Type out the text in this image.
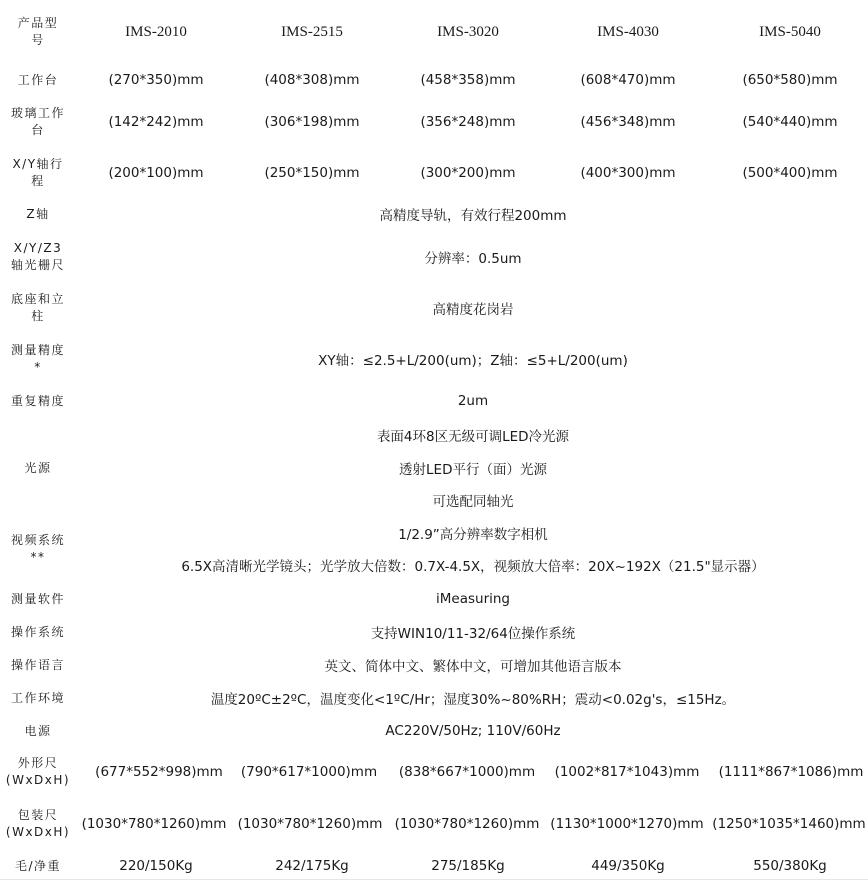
产品型
号
IMS-2010	IMS-2515	IMS-3020	IMS-4030	IMS-5040
工作台	(270*350)mm	(408*308)mm	(458*358)mm	(608*470)mm	(650*580)mm
玻璃工作
台	(142*242)mm	(306*198)mm	(356*248)mm	(456*348)mm	(540*440)mm
X/Y轴行
程	(200*100)mm	(250*150)mm	(300*200)mm	(400*300)mm	(500*400)mm
Z轴	高精度导轨，有效行程200mm
X/Y/Z3
轴光栅尺	分辨率：0.5um
底座和立
柱	高精度花岗岩
测量精度
*	XY轴：≤2.5+L/200(um)；Z轴：≤5+L/200(um)
重复精度	2um
光源
表面4环8区无级可调LED冷光源
透射LED平行（面）光源
可选配同轴光
视频系统
**
1/2.9”高分辨率数字相机
6.5X高清晰光学镜头；光学放大倍数：0.7X-4.5X，视频放大倍率：20X~192X（21.5"显示器）
测量软件	iMeasuring
操作系统	支持WIN10/11-32/64位操作系统
操作语言	英文、简体中文、繁体中文，可增加其他语言版本
工作环境	温度20ºC±2ºC，温度变化<1ºC/Hr；湿度30%~80%RH；震动<0.02g's，≤15Hz。
电源	AC220V/50Hz; 110V/60Hz
外形尺
(WxDxH)	(677*552*998)mm	(790*617*1000)mm	(838*667*1000)mm	(1002*817*1043)mm	(1111*867*1086)mm
包装尺
(WxDxH) (1030*780*1260)mm (1030*780*1260)mm (1030*780*1260)mm (1130*1000*1270)mm (1250*1035*1460)mm
毛/净重	220/150Kg	242/175Kg	275/185Kg	449/350Kg	550/380Kg
